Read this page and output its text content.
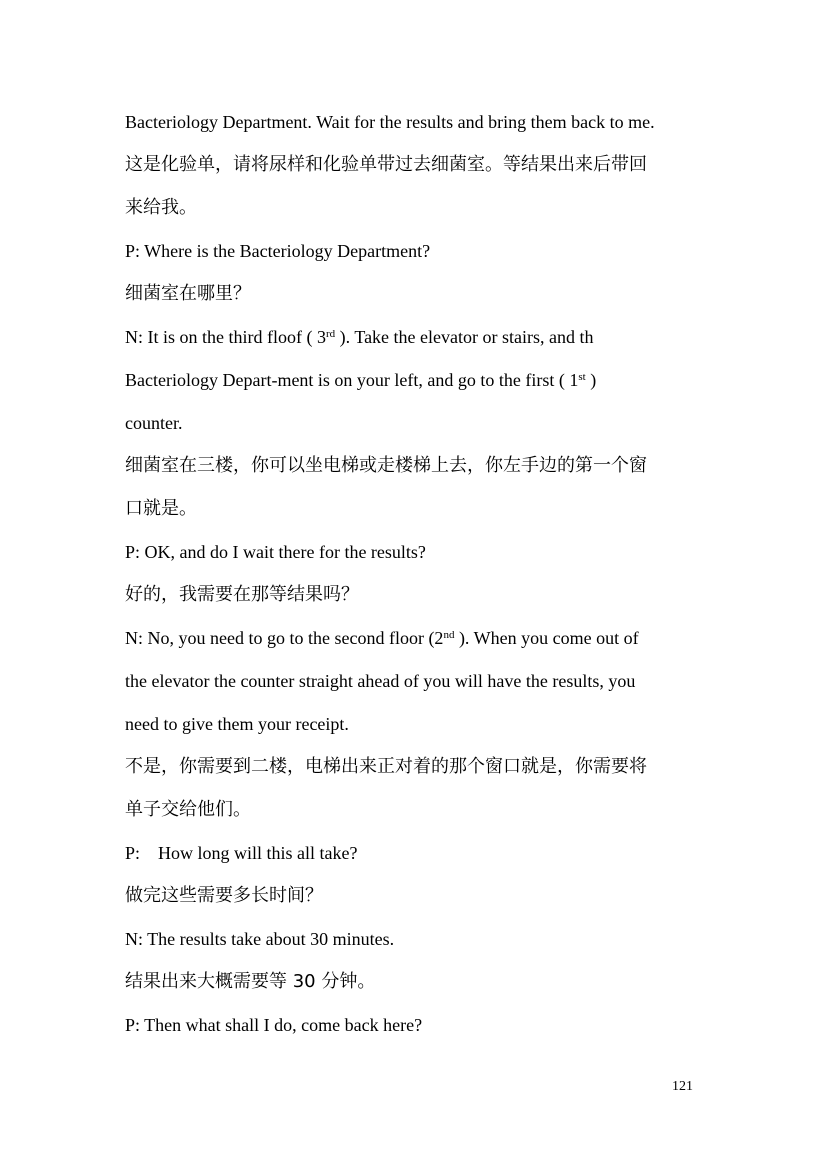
Bacteriology Department. Wait for the results and bring them back to me.
这是化验单，请将尿样和化验单带过去细菌室。等结果出来后带回
来给我。
P: Where is the Bacteriology Department?
细菌室在哪里？
N: It is on the third floof ( 3rd ). Take the elevator or stairs, and th
Bacteriology Depart-ment is on your left, and go to the first ( 1st )
counter.
细菌室在三楼，你可以坐电梯或走楼梯上去，你左手边的第一个窗
口就是。
P: OK, and do I wait there for the results?
好的，我需要在那等结果吗？
N: No, you need to go to the second floor (2nd ). When you come out of
the elevator the counter straight ahead of you will have the results, you
need to give them your receipt.
不是，你需要到二楼，电梯出来正对着的那个窗口就是，你需要将
单子交给他们。
P:    How long will this all take?
做完这些需要多长时间？
N: The results take about 30 minutes.
结果出来大概需要等 30 分钟。
P: Then what shall I do, come back here?
121
